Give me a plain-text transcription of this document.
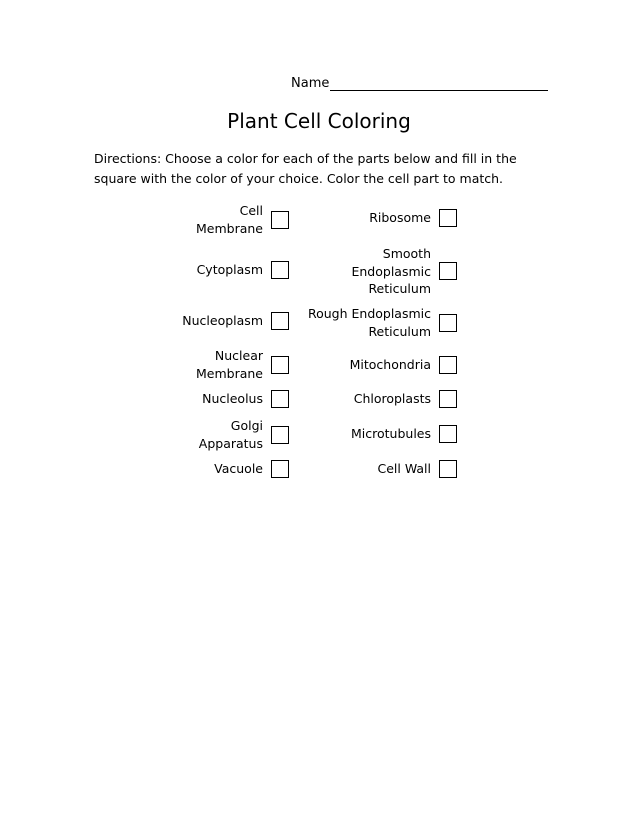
Name
Plant Cell Coloring
Directions: Choose a color for each of the parts below and fill in the square with the color of your choice. Color the cell part to match.
Cell
Membrane
Cytoplasm
Nucleoplasm
Nuclear
Membrane
Nucleolus
Golgi
Apparatus
Vacuole
Ribosome
Smooth
Endoplasmic
Reticulum
Rough Endoplasmic
Reticulum
Mitochondria
Chloroplasts
Microtubules
Cell Wall
